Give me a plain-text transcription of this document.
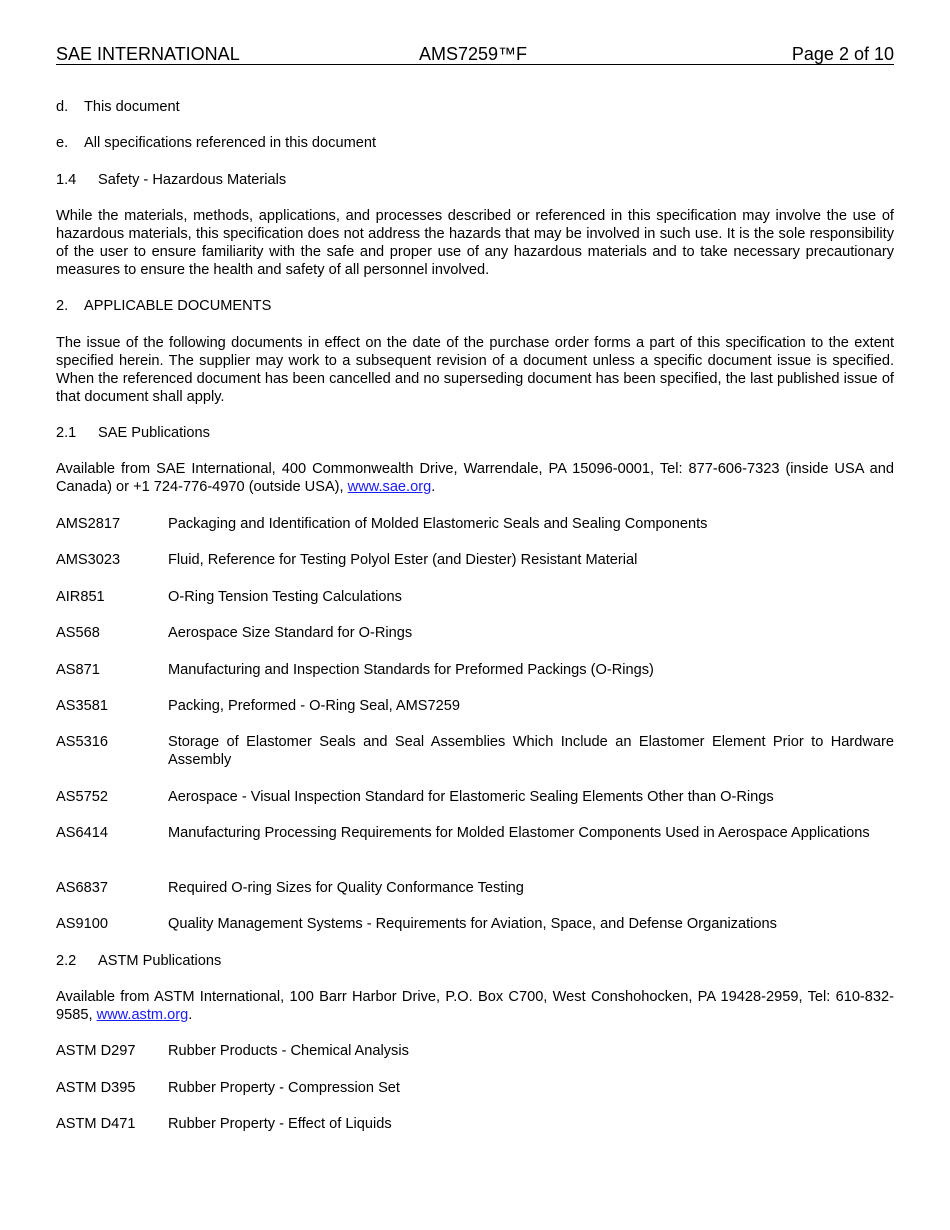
SAE INTERNATIONAL	AMS7259™F	Page 2 of 10
d. This document
e. All specifications referenced in this document
1.4 Safety - Hazardous Materials
While the materials, methods, applications, and processes described or referenced in this specification may involve the use of hazardous materials, this specification does not address the hazards that may be involved in such use. It is the sole responsibility of the user to ensure familiarity with the safe and proper use of any hazardous materials and to take necessary precautionary measures to ensure the health and safety of all personnel involved.
2. APPLICABLE DOCUMENTS
The issue of the following documents in effect on the date of the purchase order forms a part of this specification to the extent specified herein. The supplier may work to a subsequent revision of a document unless a specific document issue is specified. When the referenced document has been cancelled and no superseding document has been specified, the last published issue of that document shall apply.
2.1 SAE Publications
Available from SAE International, 400 Commonwealth Drive, Warrendale, PA 15096-0001, Tel: 877-606-7323 (inside USA and Canada) or +1 724-776-4970 (outside USA), www.sae.org.
AMS2817	Packaging and Identification of Molded Elastomeric Seals and Sealing Components
AMS3023	Fluid, Reference for Testing Polyol Ester (and Diester) Resistant Material
AIR851	O-Ring Tension Testing Calculations
AS568	Aerospace Size Standard for O-Rings
AS871	Manufacturing and Inspection Standards for Preformed Packings (O-Rings)
AS3581	Packing, Preformed - O-Ring Seal, AMS7259
AS5316	Storage of Elastomer Seals and Seal Assemblies Which Include an Elastomer Element Prior to Hardware Assembly
AS5752	Aerospace - Visual Inspection Standard for Elastomeric Sealing Elements Other than O-Rings
AS6414	Manufacturing Processing Requirements for Molded Elastomer Components Used in Aerospace Applications
AS6837	Required O-ring Sizes for Quality Conformance Testing
AS9100	Quality Management Systems - Requirements for Aviation, Space, and Defense Organizations
2.2 ASTM Publications
Available from ASTM International, 100 Barr Harbor Drive, P.O. Box C700, West Conshohocken, PA 19428-2959, Tel: 610-832-9585, www.astm.org.
ASTM D297 Rubber Products - Chemical Analysis
ASTM D395 Rubber Property - Compression Set
ASTM D471 Rubber Property - Effect of Liquids
